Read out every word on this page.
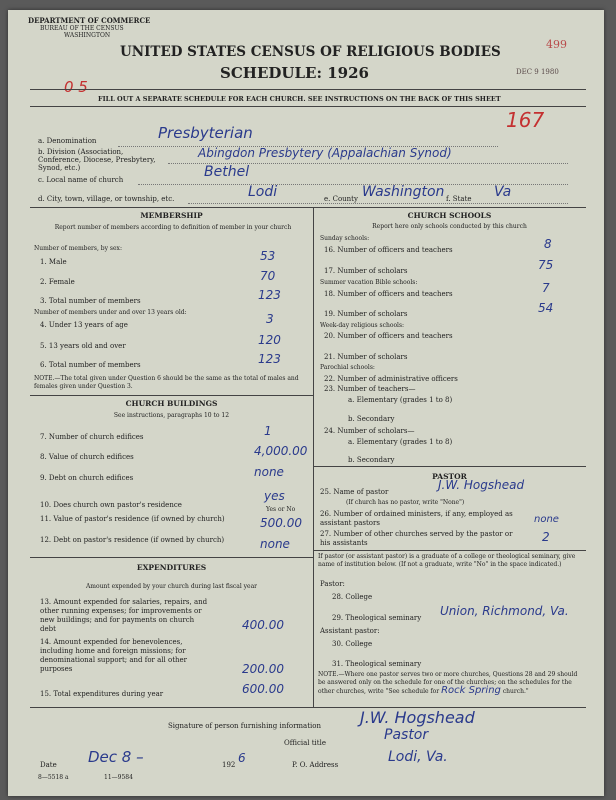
DEPARTMENT OF COMMERCE
BUREAU OF THE CENSUS
WASHINGTON
UNITED STATES CENSUS OF RELIGIOUS BODIES
SCHEDULE: 1926
FILL OUT A SEPARATE SCHEDULE FOR EACH CHURCH. SEE INSTRUCTIONS ON THE BACK OF THIS SHEET
499
DEC 9 1980
0 5
167
a. Denomination	Presbyterian
b. Division (Association, Conference, Diocese, Presbytery, Synod, etc.)
Abingdon Presbytery (Appalachian Synod)
c. Local name of church	Bethel
d. City, town, village, or township, etc.	Lodi	e. County Washington f. State Va
MEMBERSHIP
Report number of members according to definition of member in your church
Number of members, by sex:
1. Male	53
2. Female	70
3. Total number of members	123
Number of members under and over 13 years old:
4. Under 13 years of age	3
5. 13 years old and over	120
6. Total number of members	123
NOTE.—The total given under Question 6 should be the same as the total of males and females given under Question 3.
CHURCH BUILDINGS
See instructions, paragraphs 10 to 12
7. Number of church edifices	1
8. Value of church edifices	4,000.00
9. Debt on church edifices	none
10. Does church own pastor's residence
yes
Yes or No
11. Value of pastor's residence (if owned by church)	500.00
12. Debt on pastor's residence (if owned by church)	none
EXPENDITURES
Amount expended by your church during last fiscal year
13. Amount expended for salaries, repairs, and other running expenses; for improvements or new buildings; and for payments on church debt	400.00
14. Amount expended for benevolences, including home and foreign missions; for denominational support; and for all other purposes	200.00
15. Total expenditures during year	600.00
CHURCH SCHOOLS
Report here only schools conducted by this church
Sunday schools:
16. Number of officers and teachers	8
17. Number of scholars	75
Summer vacation Bible schools:
18. Number of officers and teachers	7
19. Number of scholars	54
Week-day religious schools:
20. Number of officers and teachers
21. Number of scholars
Parochial schools:
22. Number of administrative officers
23. Number of teachers—
a. Elementary (grades 1 to 8)
b. Secondary
24. Number of scholars—
a. Elementary (grades 1 to 8)
b. Secondary
PASTOR
25. Name of pastor	J.W. Hogshead
(If church has no pastor, write "None")
26. Number of ordained ministers, if any, employed as assistant pastors	none
27. Number of other churches served by the pastor or his assistants	2
If pastor (or assistant pastor) is a graduate of a college or theological seminary, give name of institution below. (If not a graduate, write "No" in the space indicated.)
Pastor:
28. College
29. Theological seminary Union, Richmond, Va.
Assistant pastor:
30. College
31. Theological seminary
NOTE.—Where one pastor serves two or more churches, Questions 28 and 29 should be answered only on the schedule for one of the churches; on the schedules for the other churches, write "See schedule for Rock Spring church."
Signature of person furnishing information J.W. Hogshead
Official title	Pastor
Date Dec 8 –	192 6	P. O. Address	Lodi, Va.
8—5518 a	11—9584
